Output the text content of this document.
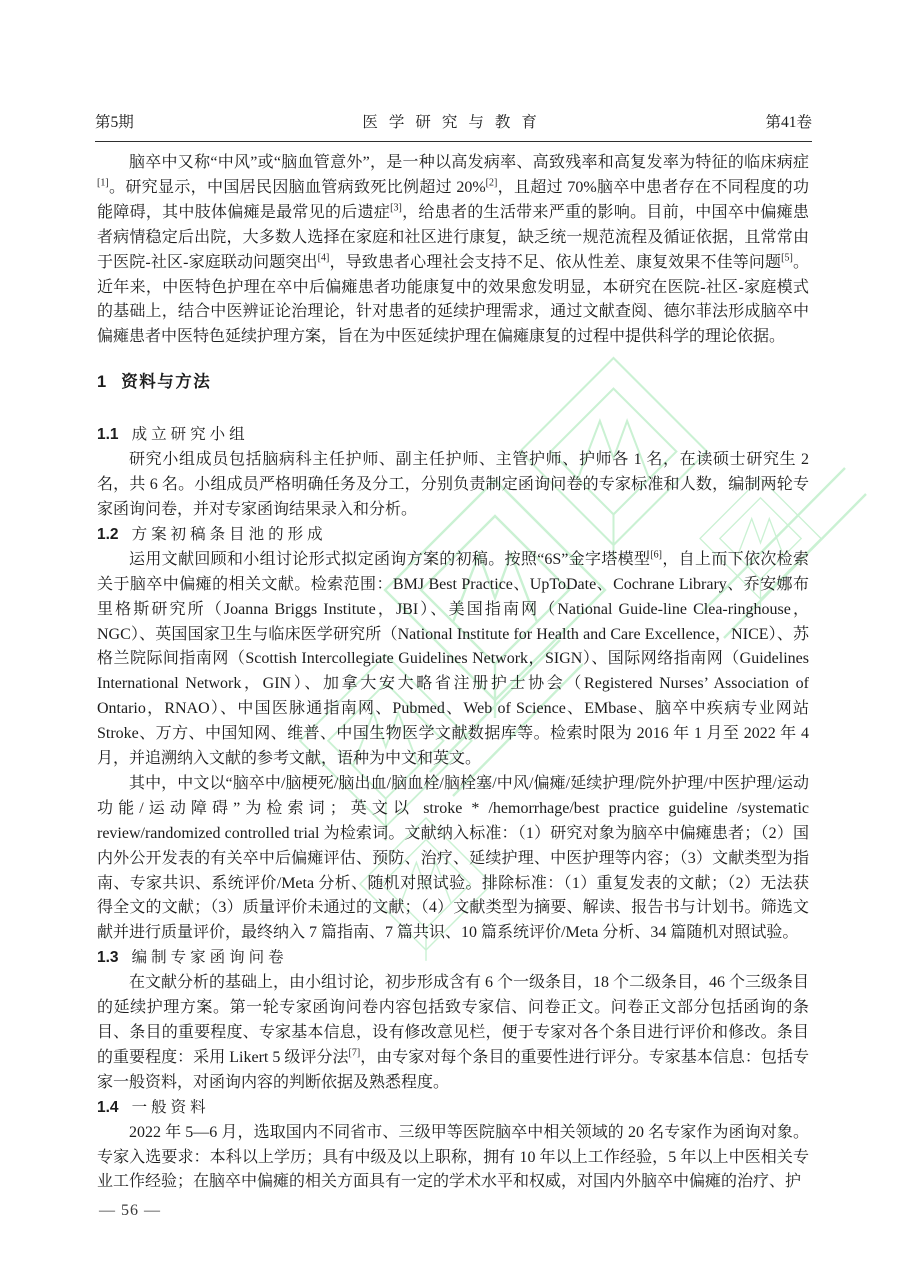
第5期	医学研究与教育	第41卷

脑卒中又称“中风”或“脑血管意外”，是一种以高发病率、高致残率和高复发率为特征的临床病症[1]。研究显示，中国居民因脑血管病致死比例超过 20%[2]，且超过 70%脑卒中患者存在不同程度的功能障碍，其中肢体偏瘫是最常见的后遗症[3]，给患者的生活带来严重的影响。目前，中国卒中偏瘫患者病情稳定后出院，大多数人选择在家庭和社区进行康复，缺乏统一规范流程及循证依据，且常常由于医院-社区-家庭联动问题突出[4]，导致患者心理社会支持不足、依从性差、康复效果不佳等问题[5]。近年来，中医特色护理在卒中后偏瘫患者功能康复中的效果愈发明显，本研究在医院-社区-家庭模式的基础上，结合中医辨证论治理论，针对患者的延续护理需求，通过文献查阅、德尔菲法形成脑卒中偏瘫患者中医特色延续护理方案，旨在为中医延续护理在偏瘫康复的过程中提供科学的理论依据。

1 资料与方法
1.1 成立研究小组

研究小组成员包括脑病科主任护师、副主任护师、主管护师、护师各 1 名，在读硕士研究生 2 名，共 6 名。小组成员严格明确任务及分工，分别负责制定函询问卷的专家标准和人数，编制两轮专家函询问卷，并对专家函询结果录入和分析。

1.2 方案初稿条目池的形成

运用文献回顾和小组讨论形式拟定函询方案的初稿。按照“6S”金字塔模型[6]，自上而下依次检索关于脑卒中偏瘫的相关文献。检索范围：BMJ Best Practice、UpToDate、Cochrane Library、乔安娜布里格斯研究所（Joanna Briggs Institute，JBI）、美国指南网（National Guide-line Clea-ringhouse，NGC）、英国国家卫生与临床医学研究所（National Institute for Health and Care Excellence，NICE）、苏格兰院际间指南网（Scottish Intercollegiate Guidelines Network，SIGN）、国际网络指南网（Guidelines International Network，GIN）、加拿大安大略省注册护士协会（Registered Nurses’ Association of Ontario，RNAO）、中国医脉通指南网、Pubmed、Web of Science、EMbase、脑卒中疾病专业网站 Stroke、万方、中国知网、维普、中国生物医学文献数据库等。检索时限为 2016 年 1 月至 2022 年 4 月，并追溯纳入文献的参考文献，语种为中文和英文。

其中，中文以“脑卒中/脑梗死/脑出血/脑血栓/脑栓塞/中风/偏瘫/延续护理/院外护理/中医护理/运动功能/运动障碍”为检索词；英文以 stroke * /hemorrhage/best practice guideline /systematic review/randomized controlled trial 为检索词。文献纳入标准：（1）研究对象为脑卒中偏瘫患者；（2）国内外公开发表的有关卒中后偏瘫评估、预防、治疗、延续护理、中医护理等内容；（3）文献类型为指南、专家共识、系统评价/Meta 分析、随机对照试验。排除标准：（1）重复发表的文献；（2）无法获得全文的文献；（3）质量评价未通过的文献；（4）文献类型为摘要、解读、报告书与计划书。筛选文献并进行质量评价，最终纳入 7 篇指南、7 篇共识、10 篇系统评价/Meta 分析、34 篇随机对照试验。

1.3 编制专家函询问卷

在文献分析的基础上，由小组讨论，初步形成含有 6 个一级条目，18 个二级条目，46 个三级条目的延续护理方案。第一轮专家函询问卷内容包括致专家信、问卷正文。问卷正文部分包括函询的条目、条目的重要程度、专家基本信息，设有修改意见栏，便于专家对各个条目进行评价和修改。条目的重要程度：采用 Likert 5 级评分法[7]，由专家对每个条目的重要性进行评分。专家基本信息：包括专家一般资料，对函询内容的判断依据及熟悉程度。

1.4 一般资料

2022 年 5—6 月，选取国内不同省市、三级甲等医院脑卒中相关领域的 20 名专家作为函询对象。专家入选要求：本科以上学历；具有中级及以上职称，拥有 10 年以上工作经验，5 年以上中医相关专业工作经验；在脑卒中偏瘫的相关方面具有一定的学术水平和权威，对国内外脑卒中偏瘫的治疗、护

— 56 —
